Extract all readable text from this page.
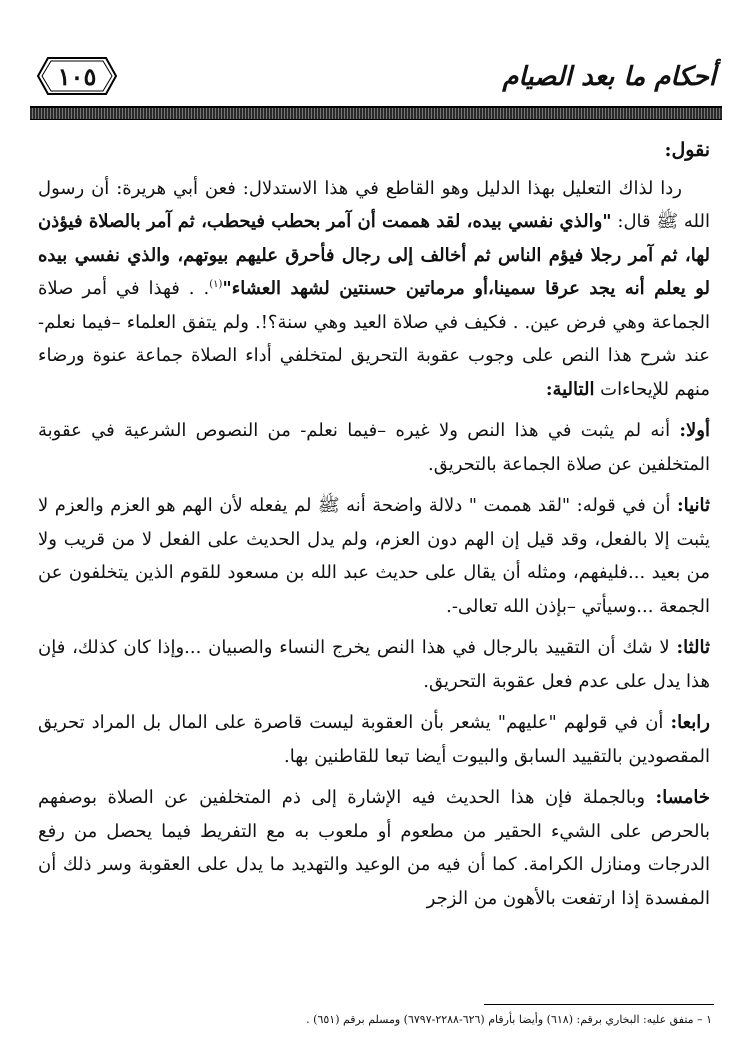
١٠٥	أحكام ما بعد الصيام

نقول:

ردا لذاك التعليل بهذا الدليل وهو القاطع في هذا الاستدلال: فعن أبي هريرة: أن رسول الله ﷺ قال: "والذي نفسي بيده، لقد هممت أن آمر بحطب فيحطب، ثم آمر بالصلاة فيؤذن لها، ثم آمر رجلا فيؤم الناس ثم أخالف إلى رجال فأحرق عليهم بيوتهم، والذي نفسي بيده لو يعلم أنه يجد عرقا سمينا،أو مرماتين حسنتين لشهد العشاء"$^{(١)}$. . فهذا في أمر صلاة الجماعة وهي فرض عين. . فكيف في صلاة العيد وهي سنة؟!. ولم يتفق العلماء –فيما نعلم- عند شرح هذا النص على وجوب عقوبة التحريق لمتخلفي أداء الصلاة جماعة عنوة ورضاء منهم للإيحاءات التالية:

أولا: أنه لم يثبت في هذا النص ولا غيره –فيما نعلم- من النصوص الشرعية في عقوبة المتخلفين عن صلاة الجماعة بالتحريق.

ثانيا: أن في قوله: "لقد هممت " دلالة واضحة أنه ﷺ لم يفعله لأن الهم هو العزم والعزم لا يثبت إلا بالفعل، وقد قيل إن الهم دون العزم، ولم يدل الحديث على الفعل لا من قريب ولا من بعيد ...فليفهم، ومثله أن يقال على حديث عبد الله بن مسعود للقوم الذين يتخلفون عن الجمعة ...وسيأتي –بإذن الله تعالى-.

ثالثا: لا شك أن التقييد بالرجال في هذا النص يخرج النساء والصبيان ...وإذا كان كذلك، فإن هذا يدل على عدم فعل عقوبة التحريق.

رابعا: أن في قولهم "عليهم" يشعر بأن العقوبة ليست قاصرة على المال بل المراد تحريق المقصودين بالتقييد السابق والبيوت أيضا تبعا للقاطنين بها.

خامسا: وبالجملة فإن هذا الحديث فيه الإشارة إلى ذم المتخلفين عن الصلاة بوصفهم بالحرص على الشيء الحقير من مطعوم أو ملعوب به مع التفريط فيما يحصل من رفع الدرجات ومنازل الكرامة. كما أن فيه من الوعيد والتهديد ما يدل على العقوبة وسر ذلك أن المفسدة إذا ارتفعت بالأهون من الزجر

١ – متفق عليه: البخاري برقم: (٦١٨) وأيضا بأرقام (٦٢٦-٢٢٨٨-٦٧٩٧) ومسلم برقم (٦٥١) .
